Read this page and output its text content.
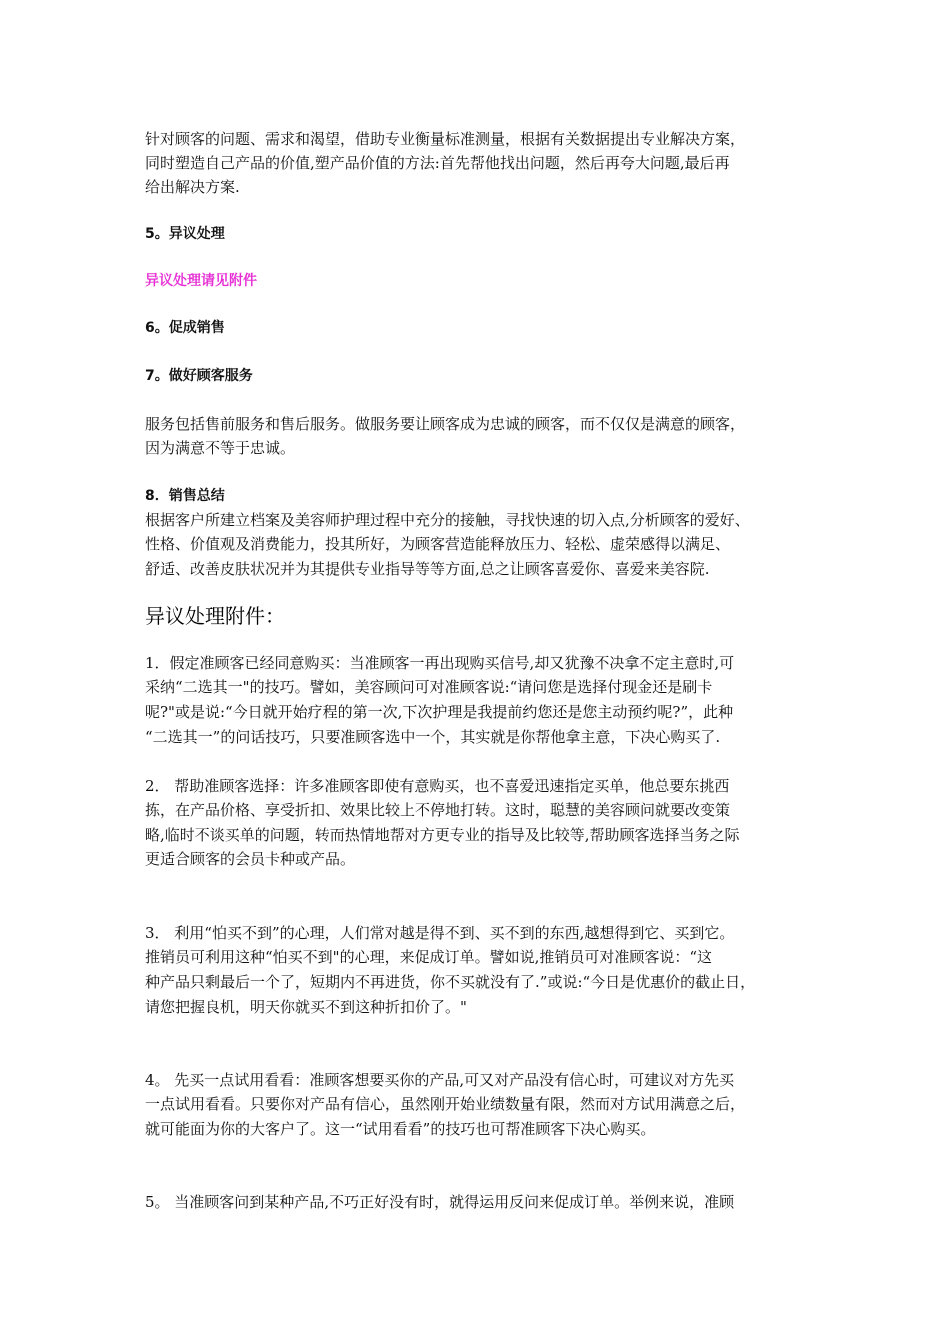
针对顾客的问题、需求和渴望，借助专业衡量标准测量，根据有关数据提出专业解决方案，
同时塑造自己产品的价值,塑产品价值的方法:首先帮他找出问题，然后再夸大问题,最后再
给出解决方案.
5。异议处理
异议处理请见附件
6。促成销售
7。做好顾客服务
服务包括售前服务和售后服务。做服务要让顾客成为忠诚的顾客，而不仅仅是满意的顾客，
因为满意不等于忠诚。
8．销售总结
根据客户所建立档案及美容师护理过程中充分的接触，寻找快速的切入点,分析顾客的爱好、
性格、价值观及消费能力，投其所好，为顾客营造能释放压力、轻松、虚荣感得以满足、
舒适、改善皮肤状况并为其提供专业指导等等方面,总之让顾客喜爱你、喜爱来美容院.
异议处理附件：
1．假定准顾客已经同意购买：当准顾客一再出现购买信号,却又犹豫不决拿不定主意时,可
采纳“二选其一"的技巧。譬如，美容顾问可对准顾客说:“请问您是选择付现金还是刷卡
呢?"或是说:“今日就开始疗程的第一次,下次护理是我提前约您还是您主动预约呢?”，此种
“二选其一”的问话技巧，只要准顾客选中一个，其实就是你帮他拿主意，下决心购买了.
2． 帮助准顾客选择：许多准顾客即使有意购买，也不喜爱迅速指定买单，他总要东挑西
拣，在产品价格、享受折扣、效果比较上不停地打转。这时，聪慧的美容顾问就要改变策
略,临时不谈买单的问题，转而热情地帮对方更专业的指导及比较等,帮助顾客选择当务之际
更适合顾客的会员卡种或产品。
3． 利用“怕买不到”的心理，人们常对越是得不到、买不到的东西,越想得到它、买到它。
推销员可利用这种“怕买不到"的心理，来促成订单。譬如说,推销员可对准顾客说：“这
种产品只剩最后一个了，短期内不再进货，你不买就没有了.”或说:“今日是优惠价的截止日，
请您把握良机，明天你就买不到这种折扣价了。"
4。 先买一点试用看看：准顾客想要买你的产品,可又对产品没有信心时，可建议对方先买
一点试用看看。只要你对产品有信心，虽然刚开始业绩数量有限，然而对方试用满意之后，
就可能面为你的大客户了。这一“试用看看”的技巧也可帮准顾客下决心购买。
5。 当准顾客问到某种产品,不巧正好没有时，就得运用反问来促成订单。举例来说，准顾
